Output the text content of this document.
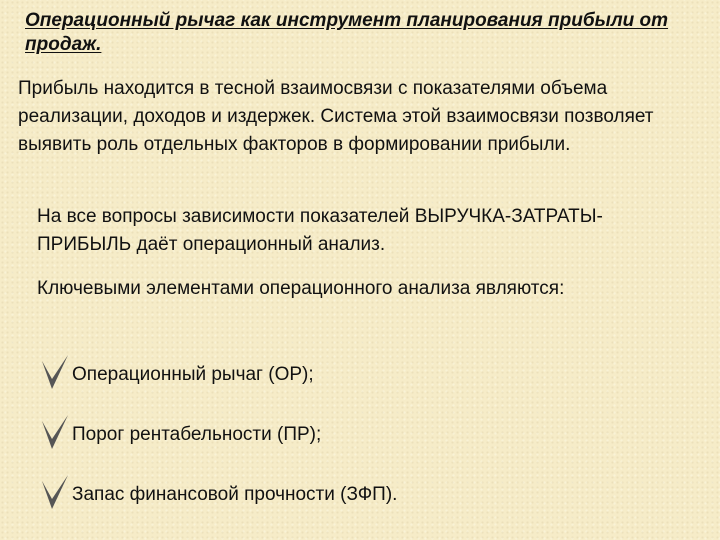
Операционный рычаг как инструмент планирования прибыли от продаж.

Прибыль находится в тесной взаимосвязи с показателями объема реализации, доходов и издержек. Система этой взаимосвязи позволяет выявить роль отдельных факторов в формировании прибыли.

На все вопросы зависимости показателей ВЫРУЧКА-ЗАТРАТЫ-ПРИБЫЛЬ даёт операционный анализ.

Ключевыми элементами операционного анализа являются:

Операционный рычаг (ОР);
Порог рентабельности (ПР);
Запас финансовой прочности (ЗФП).
